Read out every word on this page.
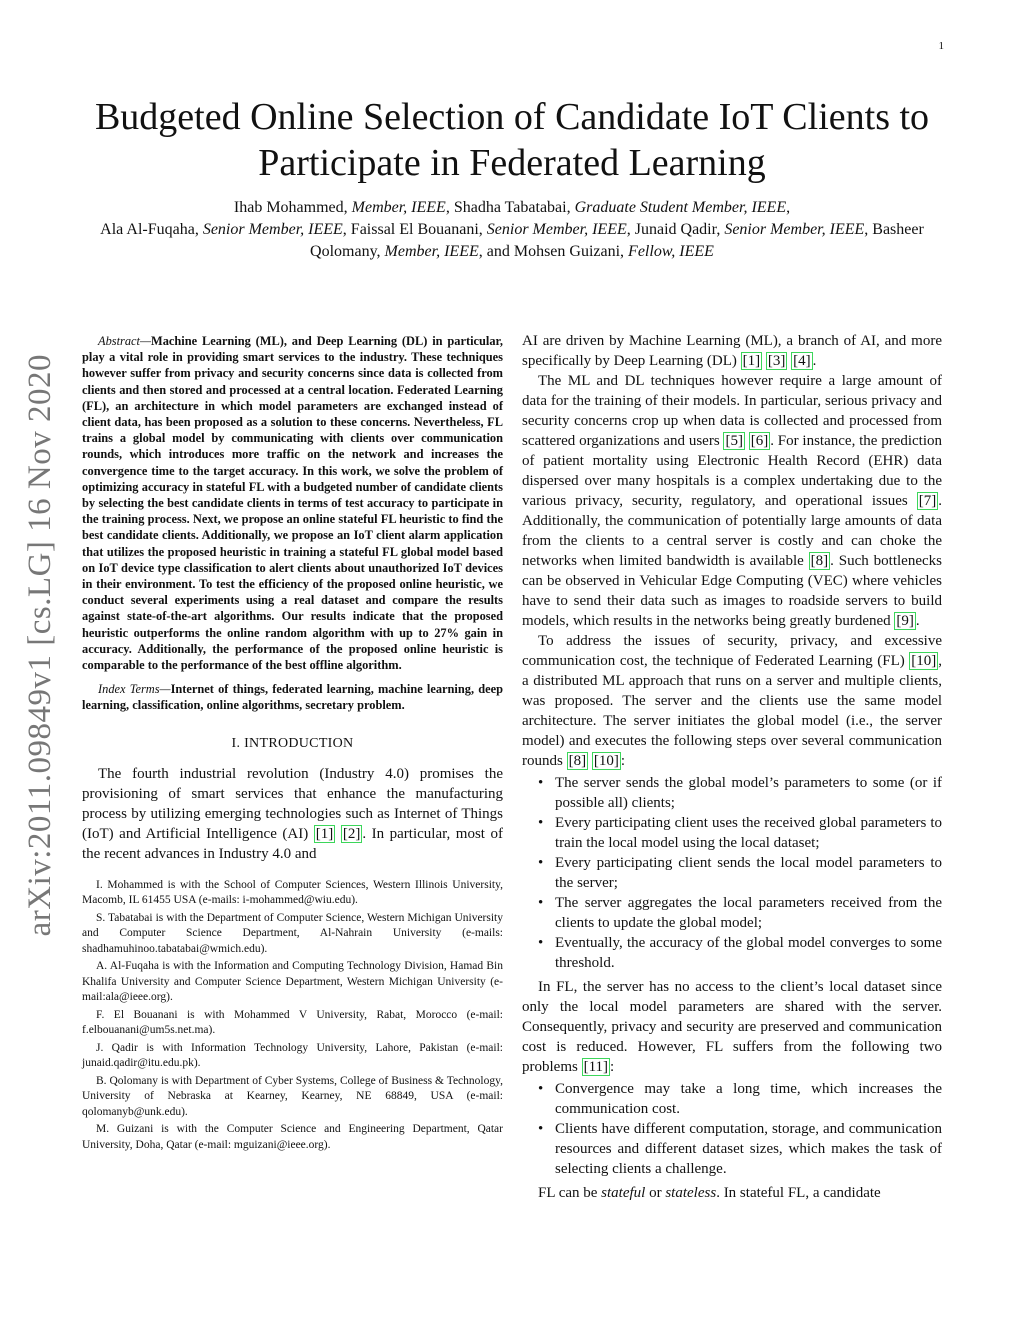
1
arXiv:2011.09849v1 [cs.LG] 16 Nov 2020
Budgeted Online Selection of Candidate IoT Clients to Participate in Federated Learning
Ihab Mohammed, Member, IEEE, Shadha Tabatabai, Graduate Student Member, IEEE,
Ala Al-Fuqaha, Senior Member, IEEE, Faissal El Bouanani, Senior Member, IEEE, Junaid Qadir, Senior Member, IEEE, Basheer Qolomany, Member, IEEE, and Mohsen Guizani, Fellow, IEEE

Abstract—Machine Learning (ML), and Deep Learning (DL) in particular, play a vital role in providing smart services to the industry. These techniques however suffer from privacy and security concerns since data is collected from clients and then stored and processed at a central location. Federated Learning (FL), an architecture in which model parameters are exchanged instead of client data, has been proposed as a solution to these concerns. Nevertheless, FL trains a global model by communicating with clients over communication rounds, which introduces more traffic on the network and increases the convergence time to the target accuracy. In this work, we solve the problem of optimizing accuracy in stateful FL with a budgeted number of candidate clients by selecting the best candidate clients in terms of test accuracy to participate in the training process. Next, we propose an online stateful FL heuristic to find the best candidate clients. Additionally, we propose an IoT client alarm application that utilizes the proposed heuristic in training a stateful FL global model based on IoT device type classification to alert clients about unauthorized IoT devices in their environment. To test the efficiency of the proposed online heuristic, we conduct several experiments using a real dataset and compare the results against state-of-the-art algorithms. Our results indicate that the proposed heuristic outperforms the online random algorithm with up to 27% gain in accuracy. Additionally, the performance of the proposed online heuristic is comparable to the performance of the best offline algorithm.

Index Terms—Internet of things, federated learning, machine learning, deep learning, classification, online algorithms, secretary problem.

I. INTRODUCTION

The fourth industrial revolution (Industry 4.0) promises the provisioning of smart services that enhance the manufacturing process by utilizing emerging technologies such as Internet of Things (IoT) and Artificial Intelligence (AI) [1] [2] . In particular, most of the recent advances in Industry 4.0 and

I. Mohammed is with the School of Computer Sciences, Western Illinois University, Macomb, IL 61455 USA (e-mails: i-mohammed@wiu.edu).

S. Tabatabai is with the Department of Computer Science, Western Michigan University and Computer Science Department, Al-Nahrain University (e-mails: shadhamuhinoo.tabatabai@wmich.edu).

A. Al-Fuqaha is with the Information and Computing Technology Division, Hamad Bin Khalifa University and Computer Science Department, Western Michigan University (e-mail:ala@ieee.org).

F. El Bouanani is with Mohammed V University, Rabat, Morocco (e-mail: f.elbouanani@um5s.net.ma).

J. Qadir is with Information Technology University, Lahore, Pakistan (e-mail: junaid.qadir@itu.edu.pk).

B. Qolomany is with Department of Cyber Systems, College of Business & Technology, University of Nebraska at Kearney, Kearney, NE 68849, USA (e-mail: qolomanyb@unk.edu).

M. Guizani is with the Computer Science and Engineering Department, Qatar University, Doha, Qatar (e-mail: mguizani@ieee.org).

AI are driven by Machine Learning (ML), a branch of AI, and more specifically by Deep Learning (DL) [1] [3] [4] .

The ML and DL techniques however require a large amount of data for the training of their models. In particular, serious privacy and security concerns crop up when data is collected and processed from scattered organizations and users [5] [6] . For instance, the prediction of patient mortality using Electronic Health Record (EHR) data dispersed over many hospitals is a complex undertaking due to the various privacy, security, regulatory, and operational issues [7] . Additionally, the communication of potentially large amounts of data from the clients to a central server is costly and can choke the networks when limited bandwidth is available [8] . Such bottlenecks can be observed in Vehicular Edge Computing (VEC) where vehicles have to send their data such as images to roadside servers to build models, which results in the networks being greatly burdened [9] .

To address the issues of security, privacy, and excessive communication cost, the technique of Federated Learning (FL) [10] , a distributed ML approach that runs on a server and multiple clients, was proposed. The server and the clients use the same model architecture. The server initiates the global model (i.e., the server model) and executes the following steps over several communication rounds [8] [10] :

• The server sends the global model’s parameters to some (or if possible all) clients;
• Every participating client uses the received global parameters to train the local model using the local dataset;
• Every participating client sends the local model parameters to the server;
• The server aggregates the local parameters received from the clients to update the global model;
• Eventually, the accuracy of the global model converges to some threshold.

In FL, the server has no access to the client’s local dataset since only the local model parameters are shared with the server. Consequently, privacy and security are preserved and communication cost is reduced. However, FL suffers from the following two problems [11] :

• Convergence may take a long time, which increases the communication cost.
• Clients have different computation, storage, and communication resources and different dataset sizes, which makes the task of selecting clients a challenge.

FL can be stateful or stateless. In stateful FL, a candidate
